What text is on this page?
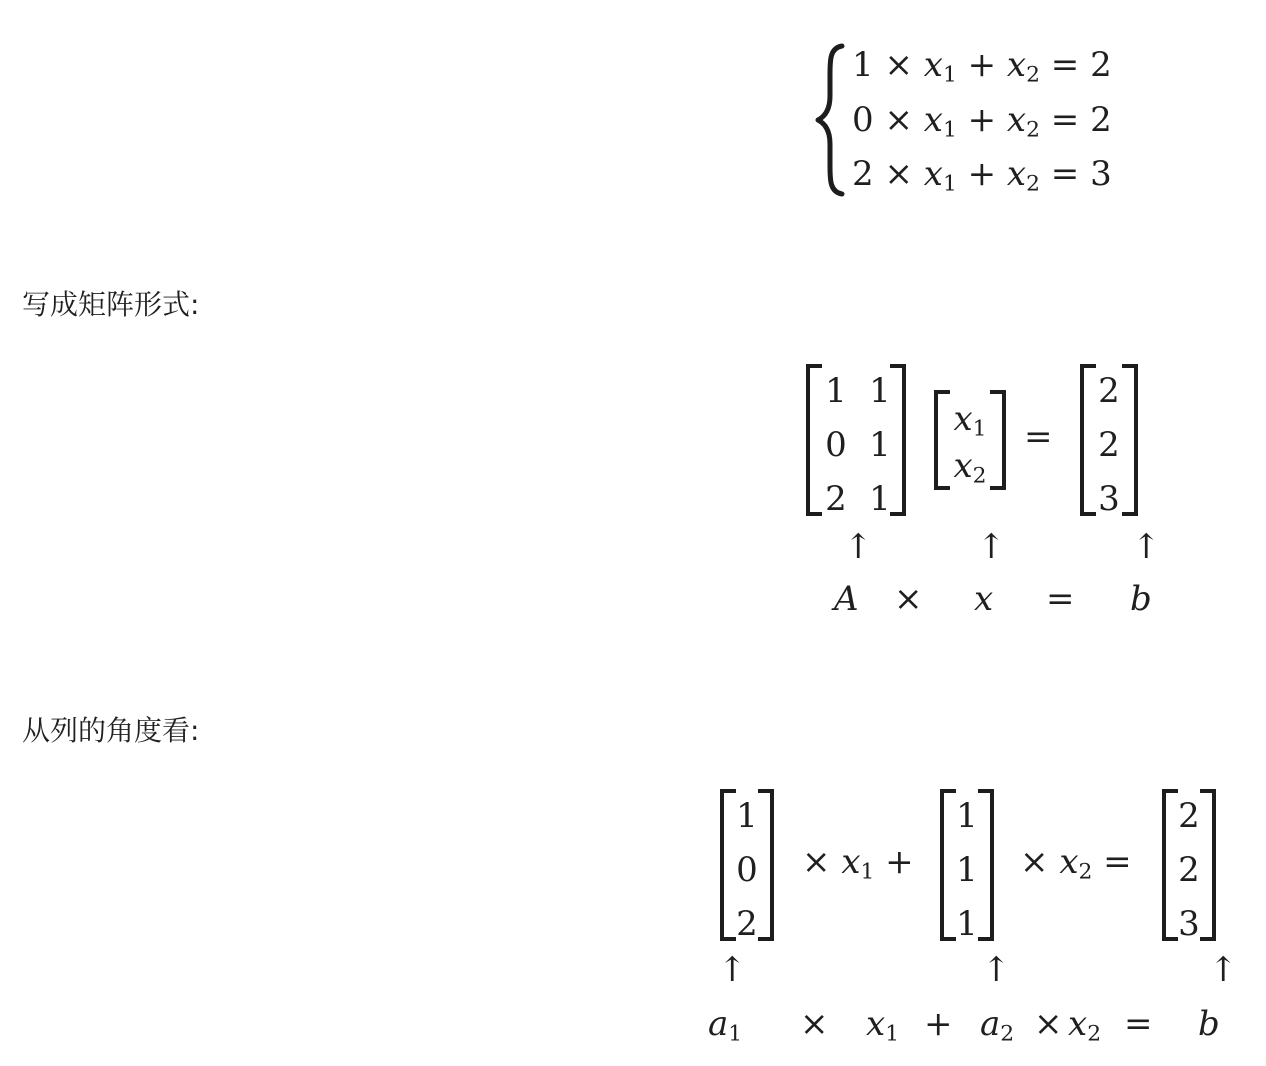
$1 \times x_1 + x_2 = 2$
$0 \times x_1 + x_2 = 2$
$2 \times x_1 + x_2 = 3$
写成矩阵形式:
1 1
0 1
2 1
$x_1$
$x_2$
=
2
2
3
↑	↑	↑
A × x = b
从列的角度看:
1
0
2
× $x_1$ +
1
1
1
× $x_2$ =
2
2
3
↑	↑	↑
$a_1 \times x_1 + a_2 \times x_2 = b$
